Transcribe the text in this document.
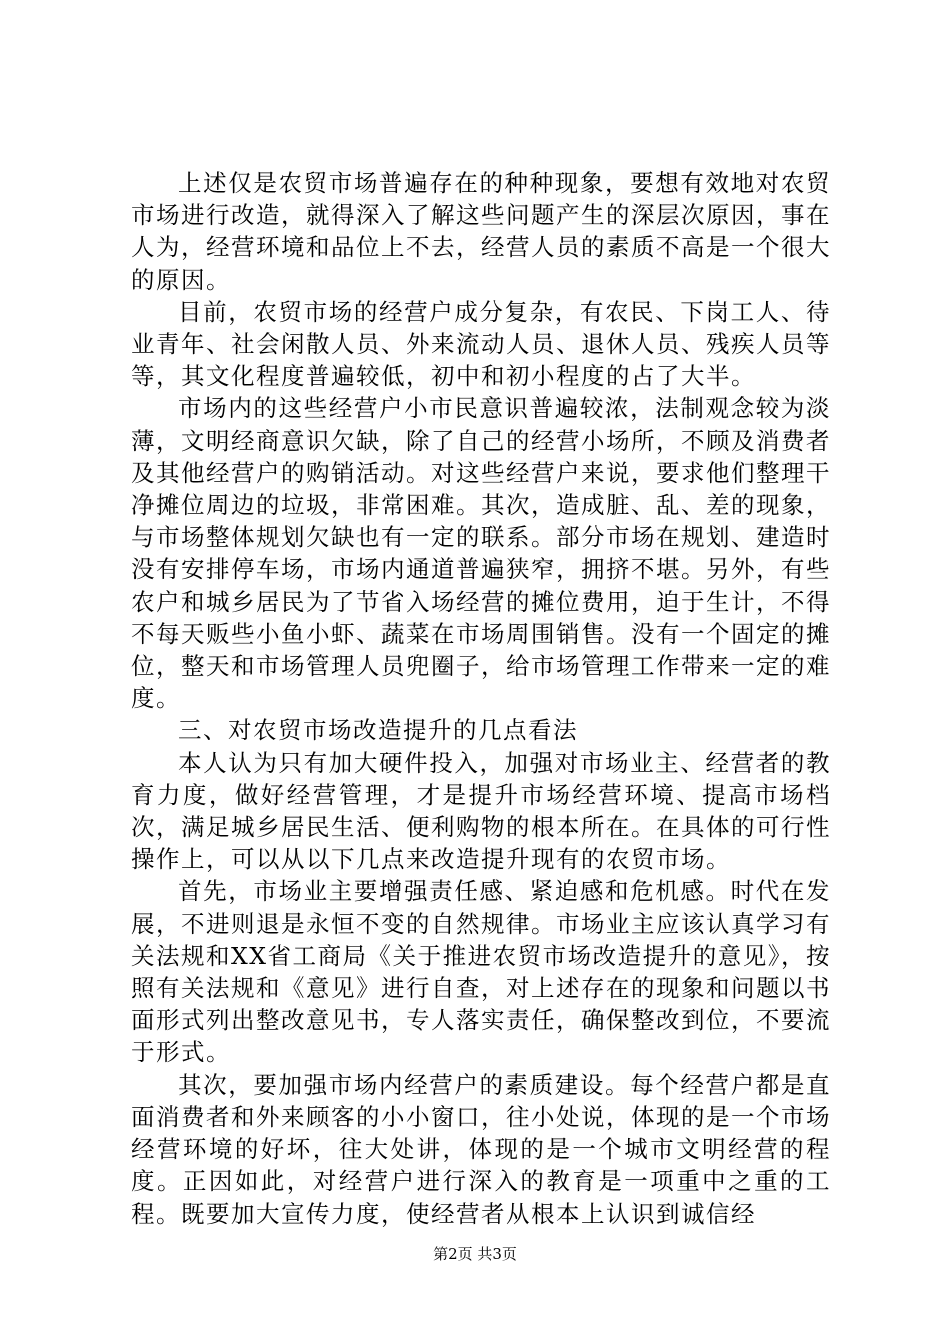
上述仅是农贸市场普遍存在的种种现象，要想有效地对农贸市场进行改造，就得深入了解这些问题产生的深层次原因，事在人为，经营环境和品位上不去，经营人员的素质不高是一个很大的原因。

目前，农贸市场的经营户成分复杂，有农民、下岗工人、待业青年、社会闲散人员、外来流动人员、退休人员、残疾人员等等，其文化程度普遍较低，初中和初小程度的占了大半。

市场内的这些经营户小市民意识普遍较浓，法制观念较为淡薄，文明经商意识欠缺，除了自己的经营小场所，不顾及消费者及其他经营户的购销活动。对这些经营户来说，要求他们整理干净摊位周边的垃圾，非常困难。其次，造成脏、乱、差的现象，与市场整体规划欠缺也有一定的联系。部分市场在规划、建造时没有安排停车场，市场内通道普遍狭窄，拥挤不堪。另外，有些农户和城乡居民为了节省入场经营的摊位费用，迫于生计，不得不每天贩些小鱼小虾、蔬菜在市场周围销售。没有一个固定的摊位，整天和市场管理人员兜圈子，给市场管理工作带来一定的难度。

三、对农贸市场改造提升的几点看法

本人认为只有加大硬件投入，加强对市场业主、经营者的教育力度，做好经营管理，才是提升市场经营环境、提高市场档次，满足城乡居民生活、便利购物的根本所在。在具体的可行性操作上，可以从以下几点来改造提升现有的农贸市场。

首先，市场业主要增强责任感、紧迫感和危机感。时代在发展，不进则退是永恒不变的自然规律。市场业主应该认真学习有关法规和XX省工商局《关于推进农贸市场改造提升的意见》，按照有关法规和《意见》进行自查，对上述存在的现象和问题以书面形式列出整改意见书，专人落实责任，确保整改到位，不要流于形式。

其次，要加强市场内经营户的素质建设。每个经营户都是直面消费者和外来顾客的小小窗口，往小处说，体现的是一个市场经营环境的好坏，往大处讲，体现的是一个城市文明经营的程度。正因如此，对经营户进行深入的教育是一项重中之重的工程。既要加大宣传力度，使经营者从根本上认识到诚信经

第2页 共3页
